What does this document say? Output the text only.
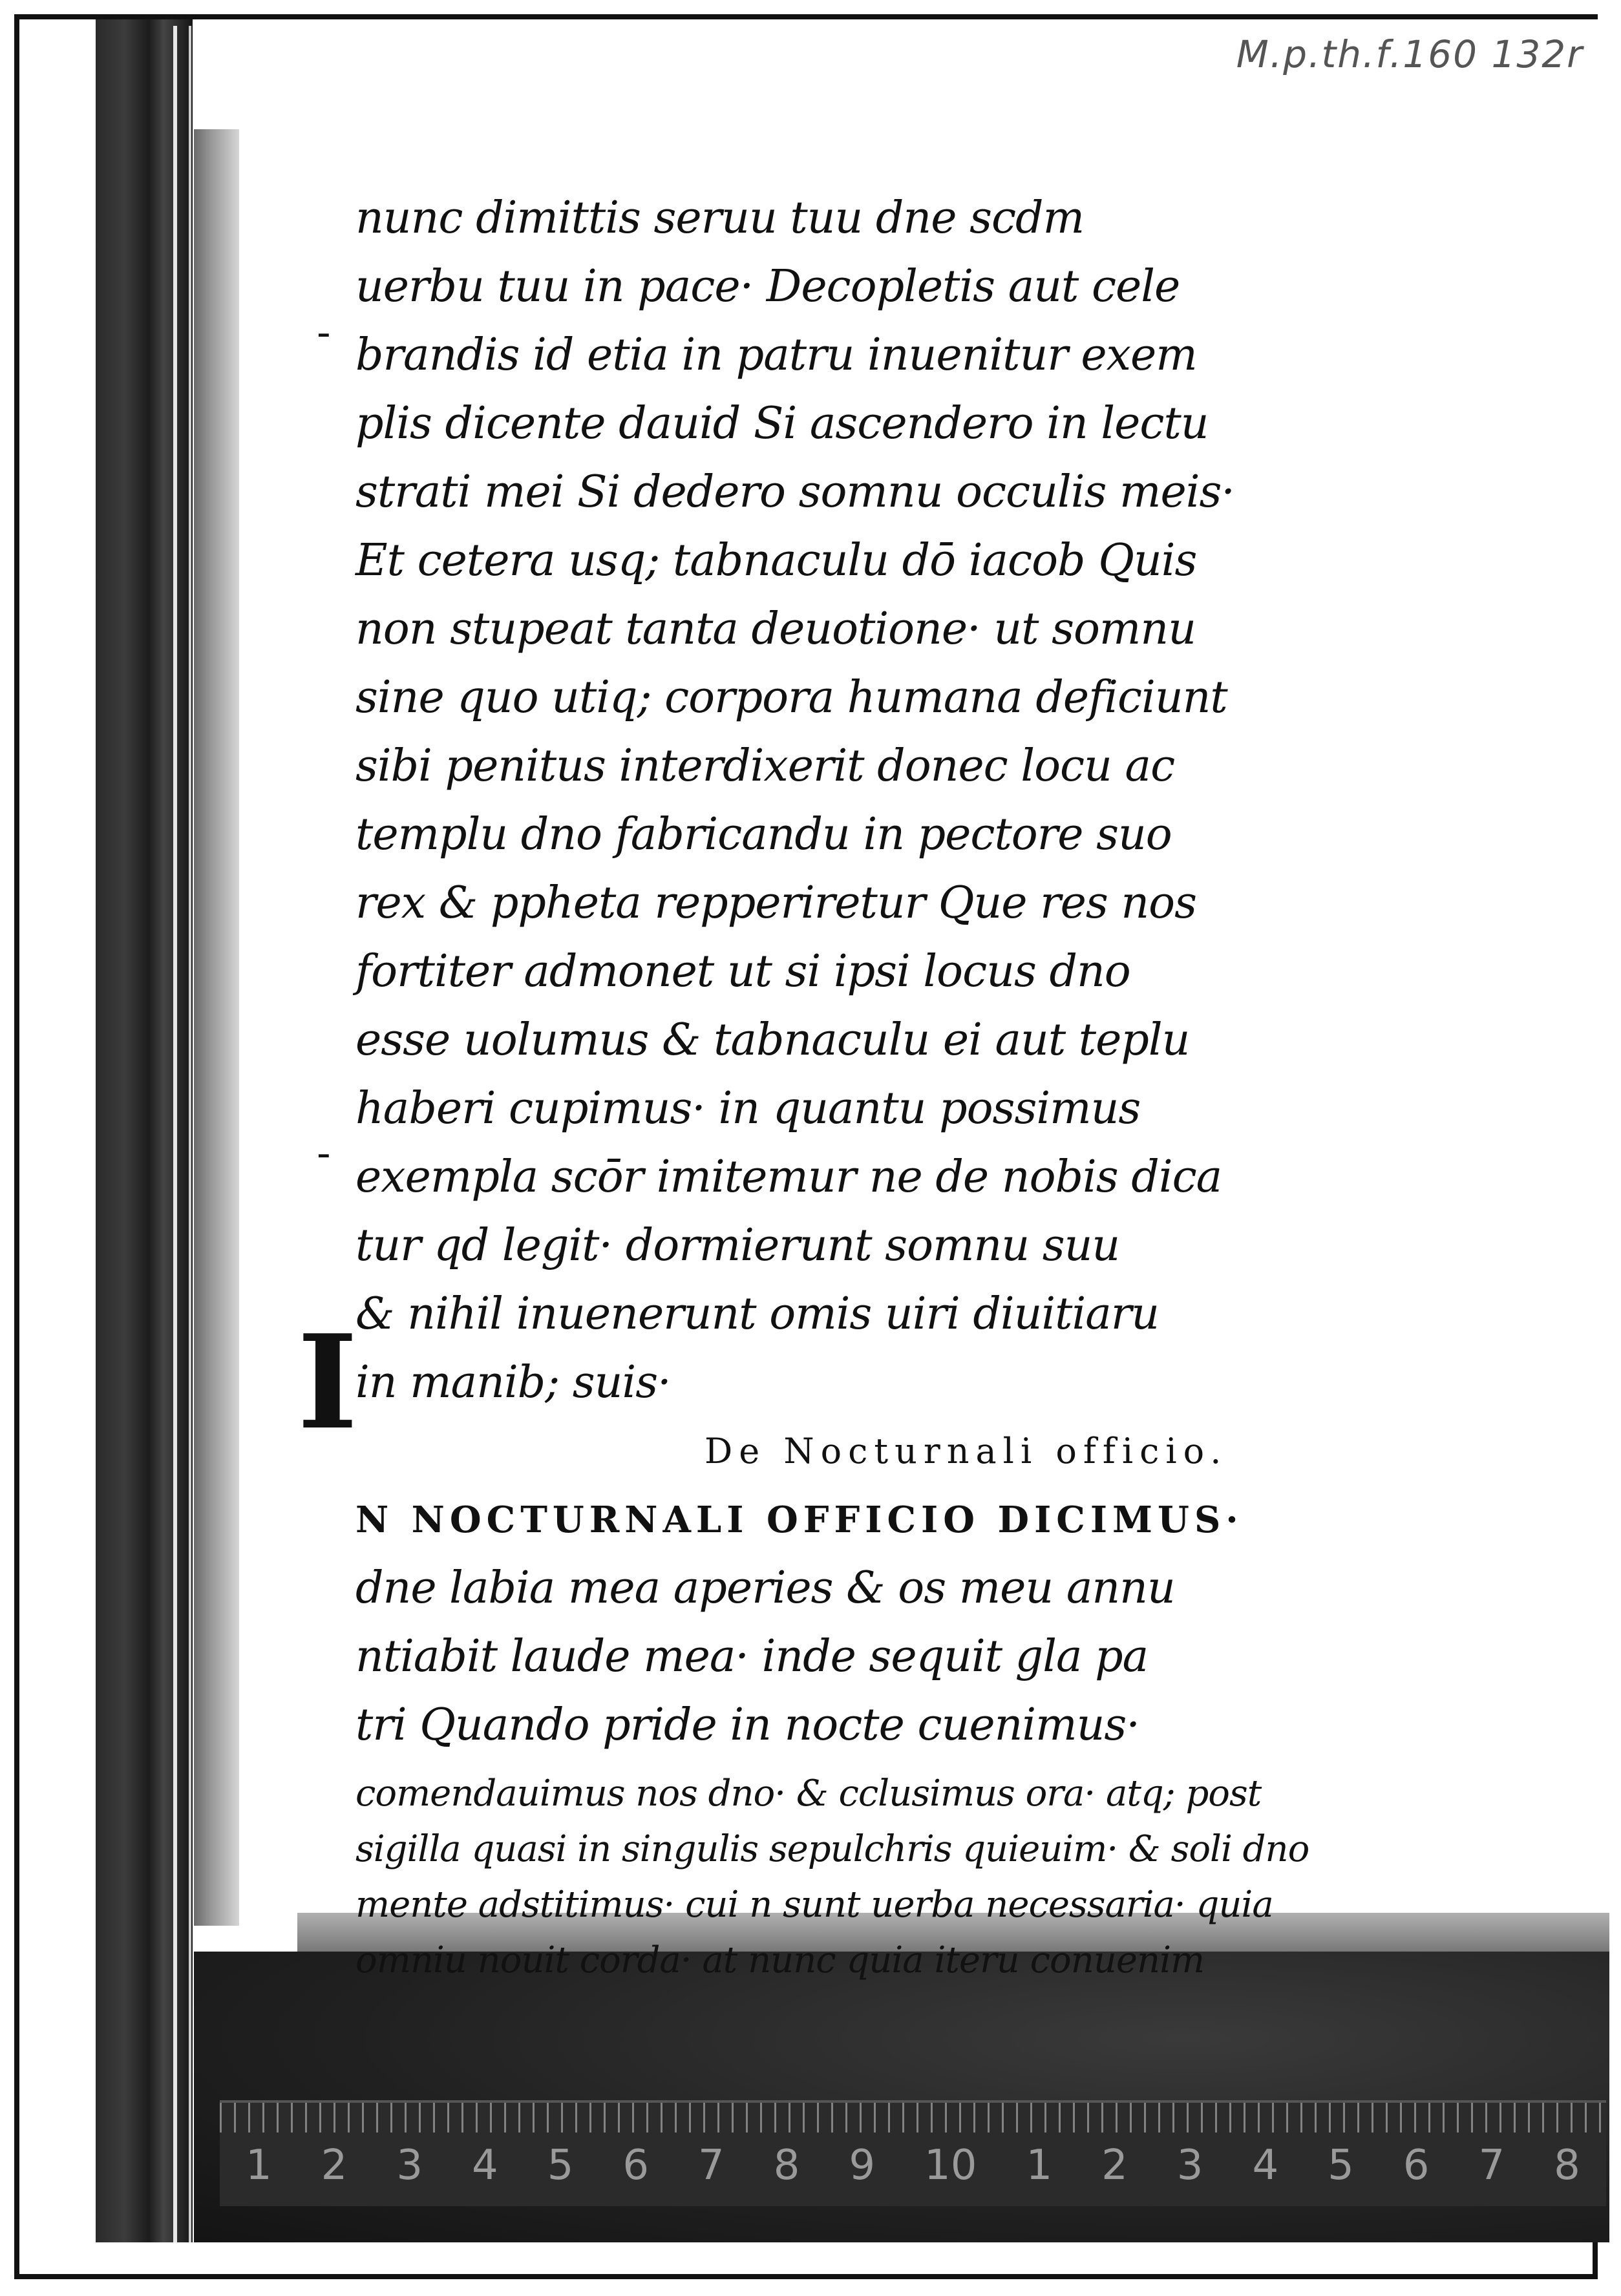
1 2 3 4 5 6 7 8 9 10 1 2 3 4 5 6 7 8
M.p.th.f.160 132r
-
-
I
nunc dimittis seruu tuu dne scdm
uerbu tuu in pace· Decopletis aut cele
brandis id etia in patru inuenitur exem
plis dicente dauid Si ascendero in lectu
strati mei Si dedero somnu occulis meis·
Et cetera usq; tabnaculu dō iacob Quis
non stupeat tanta deuotione· ut somnu
sine quo utiq; corpora humana deficiunt
sibi penitus interdixerit donec locu ac
templu dno fabricandu in pectore suo
rex & ppheta repperiretur Que res nos
fortiter admonet ut si ipsi locus dno
esse uolumus & tabnaculu ei aut teplu
haberi cupimus· in quantu possimus
exempla scōr imitemur ne de nobis dica
tur qd legit· dormierunt somnu suu
& nihil inuenerunt omis uiri diuitiaru
in manib; suis·
De Nocturnali officio.
N NOCTURNALI OFFICIO DICIMUS·
dne labia mea aperies & os meu annu
ntiabit laude mea· inde sequit gla pa
tri Quando pride in nocte cuenimus·
comendauimus nos dno· & cclusimus ora· atq; post
sigilla quasi in singulis sepulchris quieuim· & soli dno
mente adstitimus· cui n sunt uerba necessaria· quia
omniu nouit corda· at nunc quia iteru conuenim
